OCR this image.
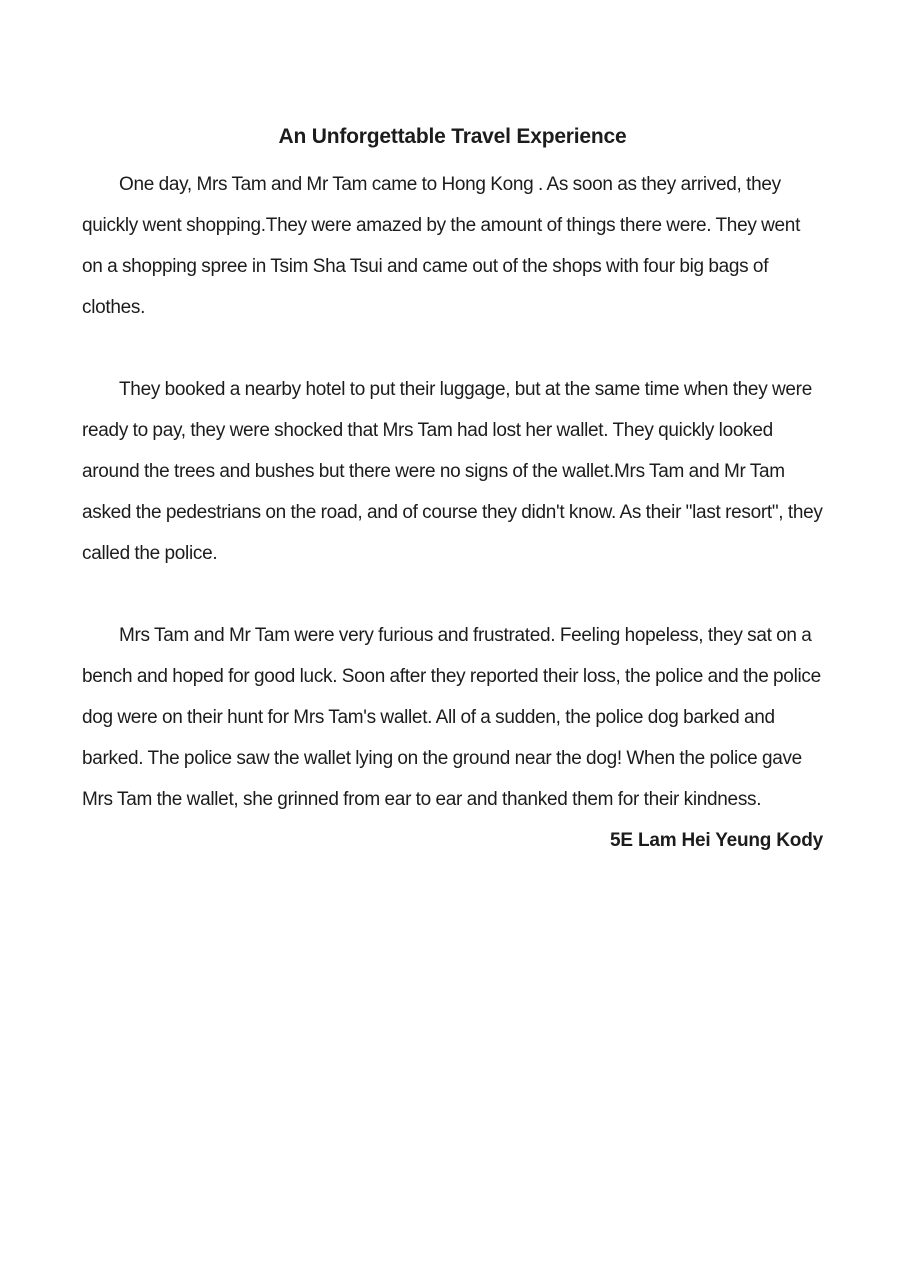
An Unforgettable Travel Experience

One day, Mrs Tam and Mr Tam came to Hong Kong . As soon as they arrived, they quickly went shopping.They were amazed by the amount of things there were. They went on a shopping spree in Tsim Sha Tsui and came out of the shops with four big bags of clothes.

They booked a nearby hotel to put their luggage, but at the same time when they were ready to pay, they were shocked that Mrs Tam had lost her wallet. They quickly looked around the trees and bushes but there were no signs of the wallet.Mrs Tam and Mr Tam asked the pedestrians on the road, and of course they didn't know. As their "last resort", they called the police.

Mrs Tam and Mr Tam were very furious and frustrated. Feeling hopeless, they sat on a bench and hoped for good luck. Soon after they reported their loss, the police and the police dog were on their hunt for Mrs Tam's wallet. All of a sudden, the police dog barked and barked. The police saw the wallet lying on the ground near the dog! When the police gave Mrs Tam the wallet, she grinned from ear to ear and thanked them for their kindness.

5E Lam Hei Yeung Kody
